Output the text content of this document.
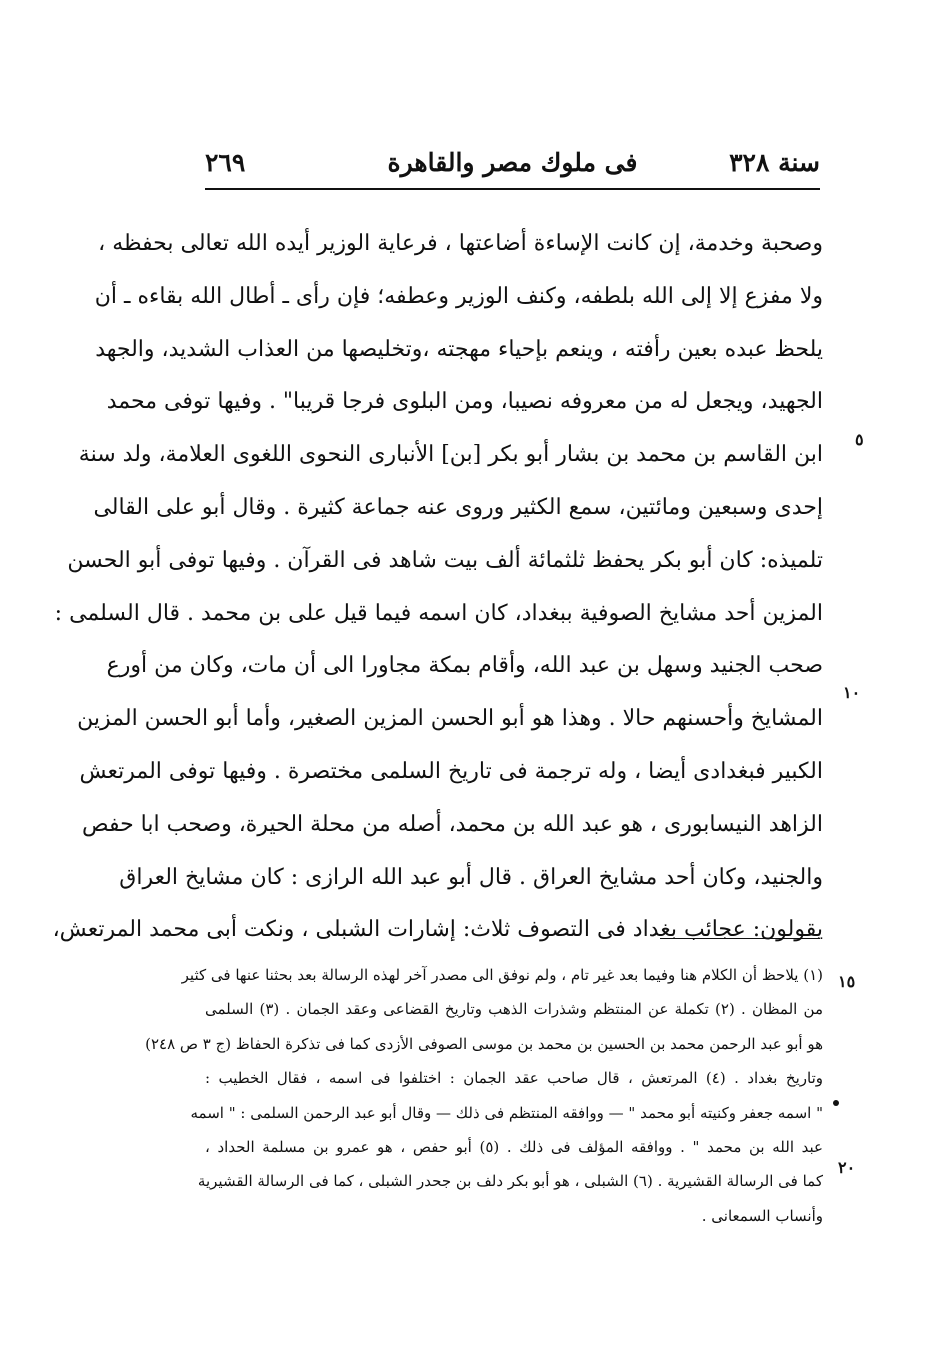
سنة ٣٢٨
فى ملوك مصر والقاهرة
٢٦٩
وصحبة وخدمة، إن كانت الإساءة أضاعتها ، فرعاية الوزير أيده الله تعالى بحفظه ،
ولا مفزع إلا إلى الله بلطفه، وكنف الوزير وعطفه؛ فإن رأى ـ أطال الله بقاءه ـ أن
يلحظ عبده بعين رأفته ، وينعم بإحياء مهجته ،وتخليصها من العذاب الشديد، والجهد
الجهيد، ويجعل له من معروفه نصيبا، ومن البلوى فرجا قريبا" . وفيها توفى محمد
ابن القاسم بن محمد بن بشار أبو بكر [بن] الأنبارى النحوى اللغوى العلامة، ولد سنة
إحدى وسبعين ومائتين، سمع الكثير وروى عنه جماعة كثيرة . وقال أبو على القالى
تلميذه: كان أبو بكر يحفظ ثلثمائة ألف بيت شاهد فى القرآن . وفيها توفى أبو الحسن
المزين أحد مشايخ الصوفية ببغداد، كان اسمه فيما قيل على بن محمد . قال السلمى :
صحب الجنيد وسهل بن عبد الله، وأقام بمكة مجاورا الى أن مات، وكان من أورع
المشايخ وأحسنهم حالا . وهذا هو أبو الحسن المزين الصغير، وأما أبو الحسن المزين
الكبير فبغدادى أيضا ، وله ترجمة فى تاريخ السلمى مختصرة . وفيها توفى المرتعش
الزاهد النيسابورى ، هو عبد الله بن محمد، أصله من محلة الحيرة، وصحب ابا حفص
والجنيد، وكان أحد مشايخ العراق . قال أبو عبد الله الرازى : كان مشايخ العراق
يقولون: عجائب بغداد فى التصوف ثلاث: إشارات الشبلى ، ونكت أبى محمد المرتعش،
٥
١٠
(١) يلاحظ أن الكلام هنا وفيما بعد غير تام ، ولم نوفق الى مصدر آخر لهذه الرسالة بعد بحثنا عنها فى كثير
من المظان . (٢) تكملة عن المنتظم وشذرات الذهب وتاريخ القضاعى وعقد الجمان . (٣) السلمى
هو أبو عبد الرحمن محمد بن الحسين بن محمد بن موسى الصوفى الأزدى كما فى تذكرة الحفاظ (ج ٣ ص ٢٤٨)
وتاريخ بغداد . (٤) المرتعش ، قال صاحب عقد الجمان : اختلفوا فى اسمه ، فقال الخطيب :
" اسمه جعفر وكنيته أبو محمد " — ووافقه المنتظم فى ذلك — وقال أبو عبد الرحمن السلمى : " اسمه
عبد الله بن محمد " . ووافقه المؤلف فى ذلك . (٥) أبو حفص ، هو عمرو بن مسلمة الحداد ،
كما فى الرسالة القشيرية . (٦) الشبلى ، هو أبو بكر دلف بن جحدر الشبلى ، كما فى الرسالة القشيرية
وأنساب السمعانى .
١٥
٢٠
